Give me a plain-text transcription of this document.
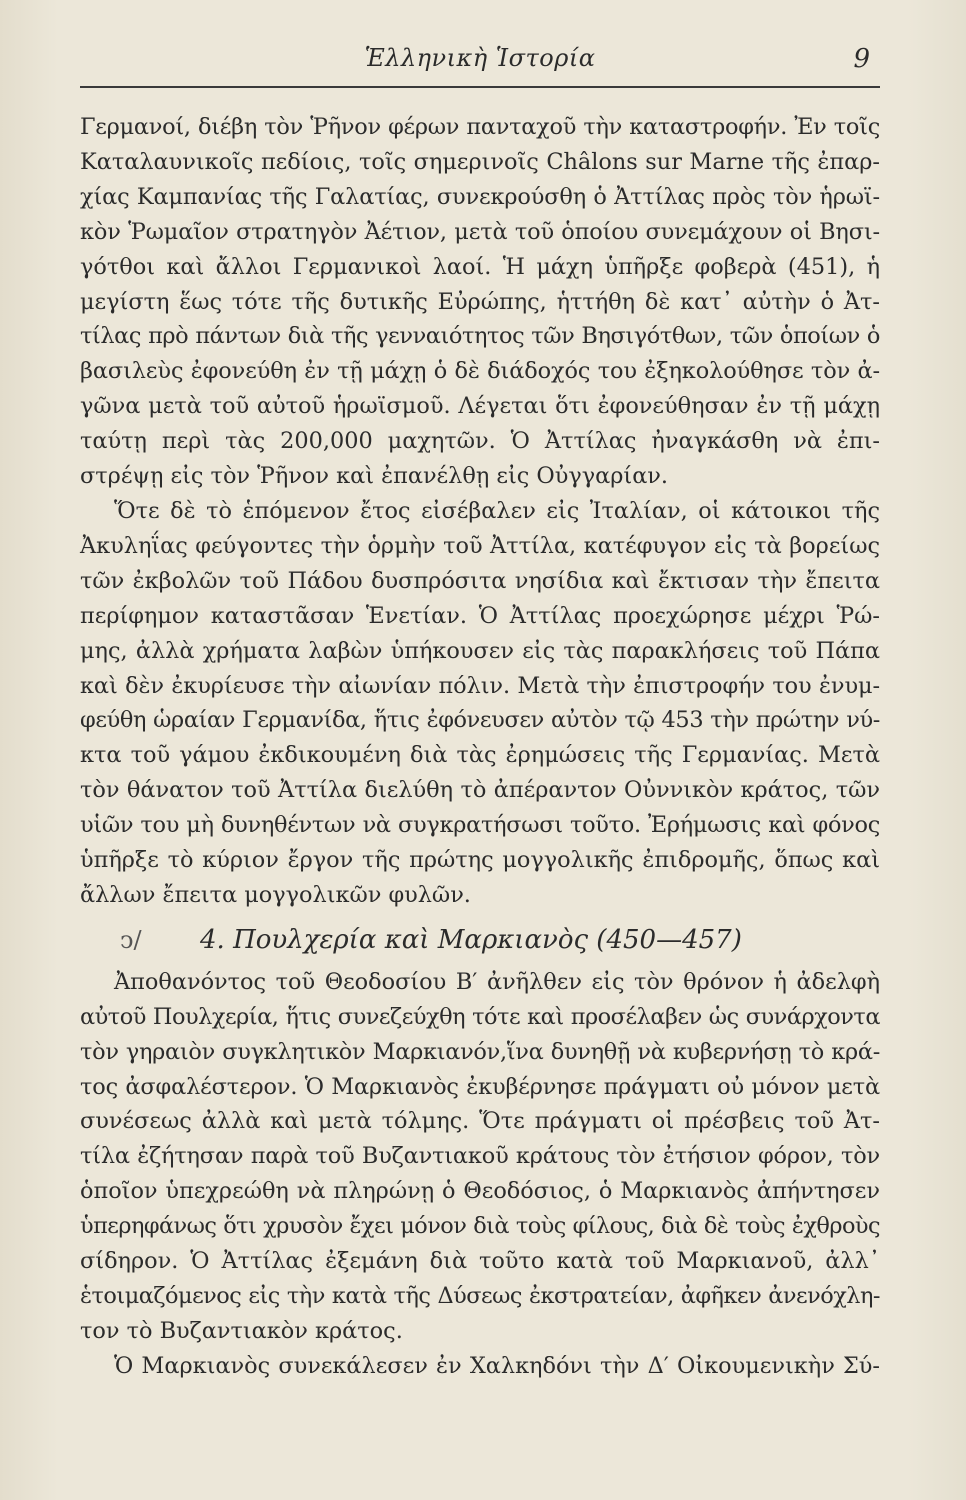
Ἑλληνικὴ Ἱστορία	9
Γερμανοί, διέβη τὸν Ῥῆνον φέρων πανταχοῦ τὴν καταστροφήν. Ἐν τοῖς
Καταλαυνικοῖς πεδίοις, τοῖς σημερινοῖς Châlons sur Marne τῆς ἐπαρ-
χίας Καμπανίας τῆς Γαλατίας, συνεκρούσθη ὁ Ἀττίλας πρὸς τὸν ἡρωϊ-
κὸν Ῥωμαῖον στρατηγὸν Ἀέτιον, μετὰ τοῦ ὁποίου συνεμάχουν οἱ Βησι-
γότθοι καὶ ἄλλοι Γερμανικοὶ λαοί. Ἡ μάχη ὑπῆρξε φοβερὰ (451), ἡ
μεγίστη ἕως τότε τῆς δυτικῆς Εὐρώπης, ἡττήθη δὲ κατ᾿ αὐτὴν ὁ Ἀτ-
τίλας πρὸ πάντων διὰ τῆς γενναιότητος τῶν Βησιγότθων, τῶν ὁποίων ὁ
βασιλεὺς ἐφονεύθη ἐν τῇ μάχῃ ὁ δὲ διάδοχός του ἐξηκολούθησε τὸν ἀ-
γῶνα μετὰ τοῦ αὐτοῦ ἡρωϊσμοῦ. Λέγεται ὅτι ἐφονεύθησαν ἐν τῇ μάχῃ
ταύτῃ περὶ τὰς 200,000 μαχητῶν. Ὁ Ἀττίλας ἠναγκάσθη νὰ ἐπι-
στρέψῃ εἰς τὸν Ῥῆνον καὶ ἐπανέλθῃ εἰς Οὐγγαρίαν.
Ὅτε δὲ τὸ ἑπόμενον ἔτος εἰσέβαλεν εἰς Ἰταλίαν, οἱ κάτοικοι τῆς
Ἀκυληΐας φεύγοντες τὴν ὁρμὴν τοῦ Ἀττίλα, κατέφυγον εἰς τὰ βορείως
τῶν ἐκβολῶν τοῦ Πάδου δυσπρόσιτα νησίδια καὶ ἔκτισαν τὴν ἔπειτα
περίφημον καταστᾶσαν Ἑνετίαν. Ὁ Ἀττίλας προεχώρησε μέχρι Ῥώ-
μης, ἀλλὰ χρήματα λαβὼν ὑπήκουσεν εἰς τὰς παρακλήσεις τοῦ Πάπα
καὶ δὲν ἐκυρίευσε τὴν αἰωνίαν πόλιν. Μετὰ τὴν ἐπιστροφήν του ἐνυμ-
φεύθη ὡραίαν Γερμανίδα, ἥτις ἐφόνευσεν αὐτὸν τῷ 453 τὴν πρώτην νύ-
κτα τοῦ γάμου ἐκδικουμένη διὰ τὰς ἐρημώσεις τῆς Γερμανίας. Μετὰ
τὸν θάνατον τοῦ Ἀττίλα διελύθη τὸ ἀπέραντον Οὐννικὸν κράτος, τῶν
υἱῶν του μὴ δυνηθέντων νὰ συγκρατήσωσι τοῦτο. Ἐρήμωσις καὶ φόνος
ὑπῆρξε τὸ κύριον ἔργον τῆς πρώτης μογγολικῆς ἐπιδρομῆς, ὅπως καὶ
ἄλλων ἔπειτα μογγολικῶν φυλῶν.
ↄ/ 4. Πουλχερία καὶ Μαρκιανὸς (450—457)
Ἀποθανόντος τοῦ Θεοδοσίου Β′ ἀνῆλθεν εἰς τὸν θρόνον ἡ ἀδελφὴ
αὐτοῦ Πουλχερία, ἥτις συνεζεύχθη τότε καὶ προσέλαβεν ὡς συνάρχοντα
τὸν γηραιὸν συγκλητικὸν Μαρκιανόν,ἵνα δυνηθῇ νὰ κυβερνήσῃ τὸ κρά-
τος ἀσφαλέστερον. Ὁ Μαρκιανὸς ἐκυβέρνησε πράγματι οὐ μόνον μετὰ
συνέσεως ἀλλὰ καὶ μετὰ τόλμης. Ὅτε πράγματι οἱ πρέσβεις τοῦ Ἀτ-
τίλα ἐζήτησαν παρὰ τοῦ Βυζαντιακοῦ κράτους τὸν ἐτήσιον φόρον, τὸν
ὁποῖον ὑπεχρεώθη νὰ πληρώνῃ ὁ Θεοδόσιος, ὁ Μαρκιανὸς ἀπήντησεν
ὑπερηφάνως ὅτι χρυσὸν ἔχει μόνον διὰ τοὺς φίλους, διὰ δὲ τοὺς ἐχθροὺς
σίδηρον. Ὁ Ἀττίλας ἐξεμάνη διὰ τοῦτο κατὰ τοῦ Μαρκιανοῦ, ἀλλ᾿
ἑτοιμαζόμενος εἰς τὴν κατὰ τῆς Δύσεως ἐκστρατείαν, ἀφῆκεν ἀνενόχλη-
τον τὸ Βυζαντιακὸν κράτος.
Ὁ Μαρκιανὸς συνεκάλεσεν ἐν Χαλκηδόνι τὴν Δ′ Οἰκουμενικὴν Σύ-
